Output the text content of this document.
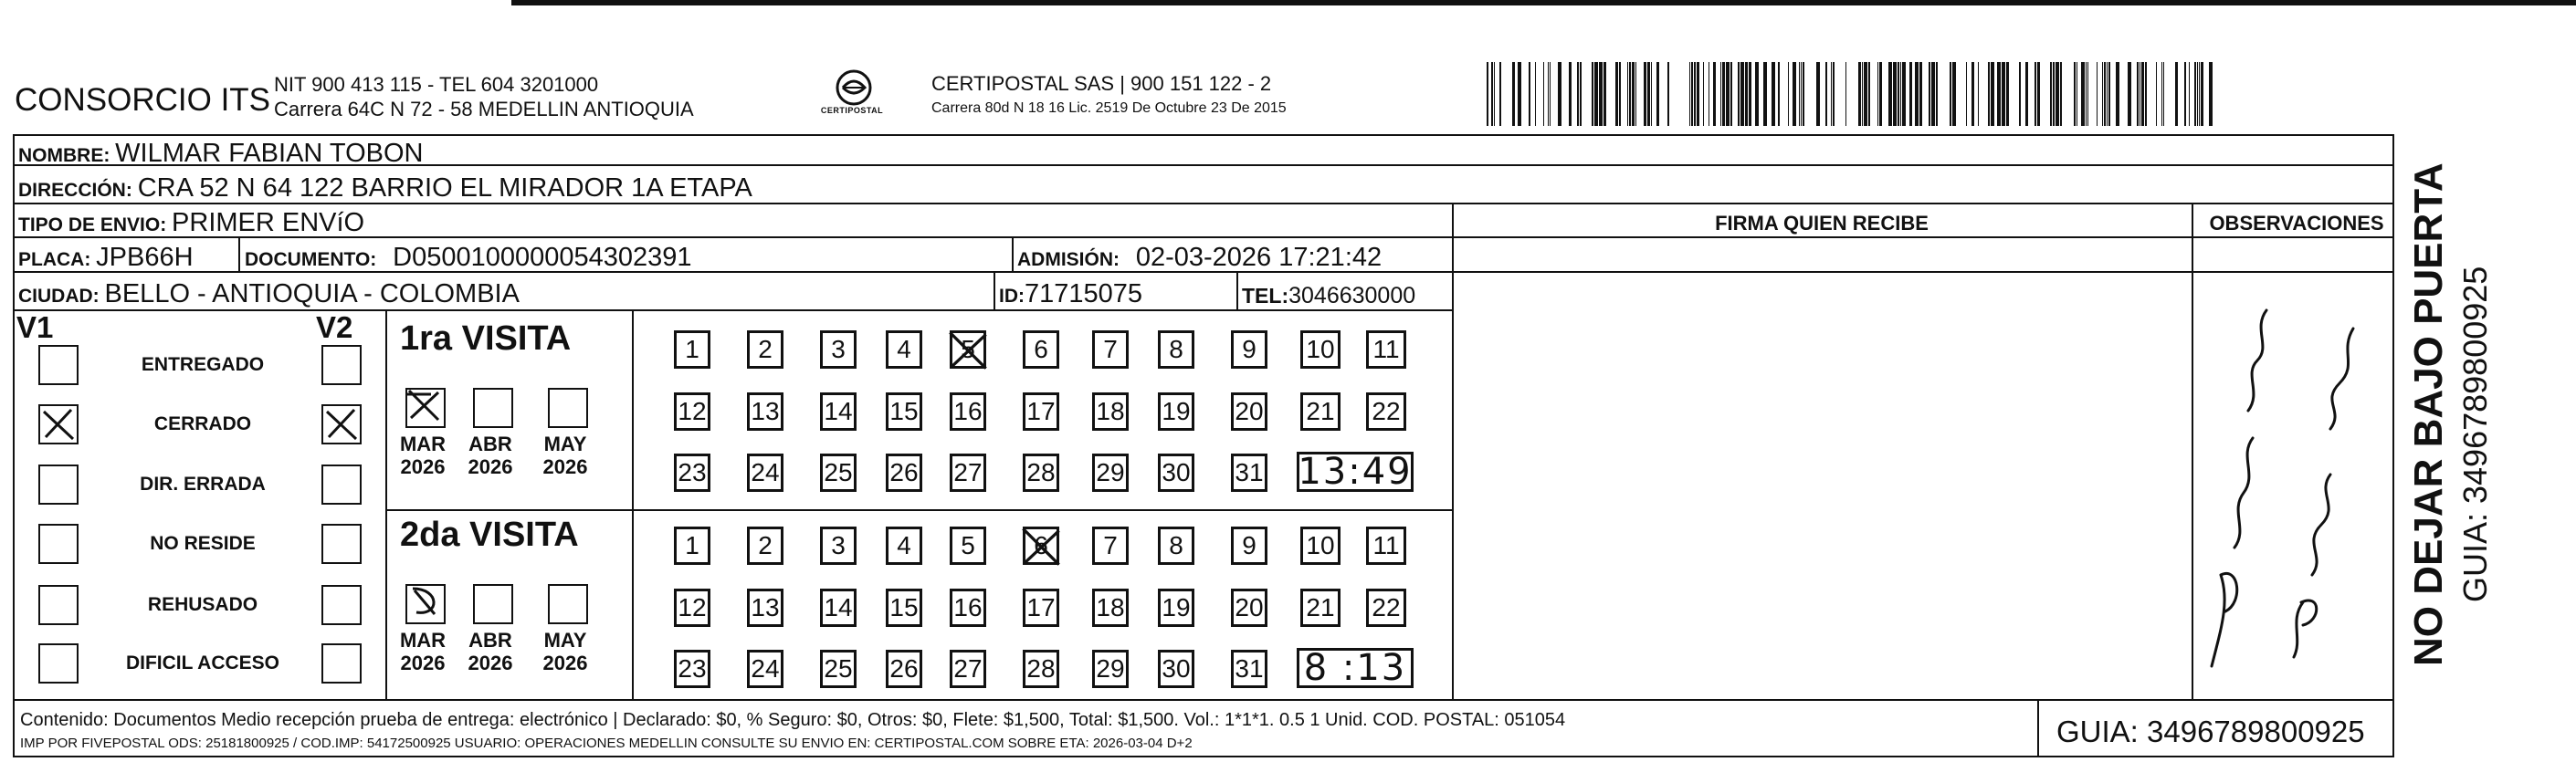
CONSORCIO ITS NIT 900 413 115 - TEL 604 3201000
Carrera 64C N 72 - 58 MEDELLIN ANTIOQUIA	CERTIPOSTAL
CERTIPOSTAL SAS | 900 151 122 - 2
Carrera 80d N 18 16 Lic. 2519 De Octubre 23 De 2015
NOMBRE: WILMAR FABIAN TOBON
DIRECCIÓN: CRA 52 N 64 122 BARRIO EL MIRADOR 1A ETAPA
TIPO DE ENVIO: PRIMER ENVíO
PLACA: JPB66H	DOCUMENTO: D0500100000054302391	ADMISIÓN: 02-03-2026 17:21:42
CIUDAD: BELLO - ANTIOQUIA - COLOMBIA	ID:71715075	TEL:3046630000
FIRMA QUIEN RECIBE	OBSERVACIONES
V1	V2
ENTREGADO
CERRADO
DIR. ERRADA
NO RESIDE
REHUSADO
DIFICIL ACCESO
1ra VISITA
MAR
2026
ABR
2026
MAY
2026
1	2	3	4	5	6	7	8	9	10 11
12 13 14 15 16 17 18 19 20 21 22
23 24 25 26 27 28 29 30 31 13:49
2da VISITA
MAR
2026
ABR
2026
MAY
2026
1	2	3	4	5	6	7	8	9	10 11
12 13 14 15 16 17 18 19 20 21 22
23 24 25 26 27 28 29 30 31 8 :13
Contenido: Documentos Medio recepción prueba de entrega: electrónico | Declarado: $0, % Seguro: $0, Otros: $0, Flete: $1,500, Total: $1,500. Vol.: 1*1*1. 0.5 1 Unid. COD. POSTAL: 051054
IMP POR FIVEPOSTAL ODS: 25181800925 / COD.IMP: 54172500925 USUARIO: OPERACIONES MEDELLIN CONSULTE SU ENVIO EN: CERTIPOSTAL.COM SOBRE ETA: 2026-03-04 D+2	GUIA: 3496789800925
NO DEJAR BAJO PUERTA GUIA: 3496789800925
